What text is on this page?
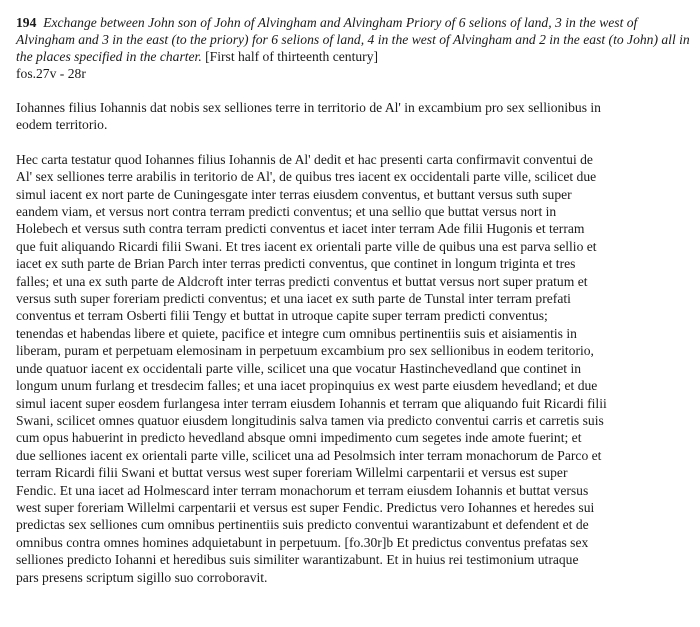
194 Exchange between John son of John of Alvingham and Alvingham Priory of 6 selions of land, 3 in the west of
Alvingham and 3 in the east (to the priory) for 6 selions of land, 4 in the west of Alvingham and 2 in the east (to John) all in
the places specified in the charter. [First half of thirteenth century]
fos.27v - 28r
Iohannes filius Iohannis dat nobis sex selliones terre in territorio de Al' in excambium pro sex sellionibus in
eodem territorio.
Hec carta testatur quod Iohannes filius Iohannis de Al' dedit et hac presenti carta confirmavit conventui de
Al' sex selliones terre arabilis in teritorio de Al', de quibus tres iacent ex occidentali parte ville, scilicet due
simul iacent ex nort parte de Cuningesgate inter terras eiusdem conventus, et buttant versus suth super
eandem viam, et versus nort contra terram predicti conventus; et una sellio que buttat versus nort in
Holebech et versus suth contra terram predicti conventus et iacet inter terram Ade filii Hugonis et terram
que fuit aliquando Ricardi filii Swani. Et tres iacent ex orientali parte ville de quibus una est parva sellio et
iacet ex suth parte de Brian Parch inter terras predicti conventus, que continet in longum triginta et tres
falles; et una ex suth parte de Aldcroft inter terras predicti conventus et buttat versus nort super pratum et
versus suth super foreriam predicti conventus; et una iacet ex suth parte de Tunstal inter terram prefati
conventus et terram Osberti filii Tengy et buttat in utroque capite super terram predicti conventus;
tenendas et habendas libere et quiete, pacifice et integre cum omnibus pertinentiis suis et aisiamentis in
liberam, puram et perpetuam elemosinam in perpetuum excambium pro sex sellionibus in eodem teritorio,
unde quatuor iacent ex occidentali parte ville, scilicet una que vocatur Hastinchevedland que continet in
longum unum furlang et tresdecim falles; et una iacet propinquius ex west parte eiusdem hevedland; et due
simul iacent super eosdem furlangesa inter terram eiusdem Iohannis et terram que aliquando fuit Ricardi filii
Swani, scilicet omnes quatuor eiusdem longitudinis salva tamen via predicto conventui carris et carretis suis
cum opus habuerint in predicto hevedland absque omni impedimento cum segetes inde amote fuerint; et
due selliones iacent ex orientali parte ville, scilicet una ad Pesolmsich inter terram monachorum de Parco et
terram Ricardi filii Swani et buttat versus west super foreriam Willelmi carpentarii et versus est super
Fendic. Et una iacet ad Holmescard inter terram monachorum et terram eiusdem Iohannis et buttat versus
west super foreriam Willelmi carpentarii et versus est super Fendic. Predictus vero Iohannes et heredes sui
predictas sex selliones cum omnibus pertinentiis suis predicto conventui warantizabunt et defendent et de
omnibus contra omnes homines adquietabunt in perpetuum. [fo.30r]b Et predictus conventus prefatas sex
selliones predicto Iohanni et heredibus suis similiter warantizabunt. Et in huius rei testimonium utraque
pars presens scriptum sigillo suo corroboravit.
